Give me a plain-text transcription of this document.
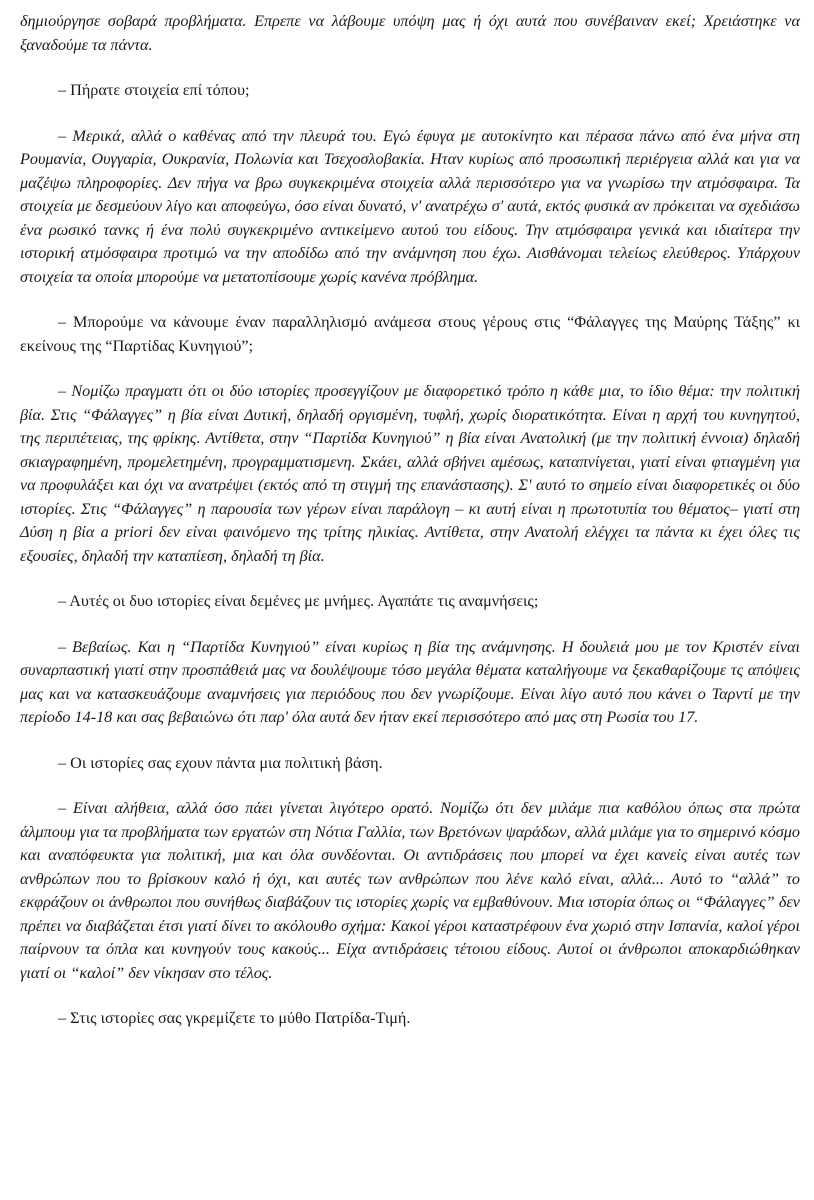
δημιούργησε σοβαρά προβλήματα. Επρεπε να λάβουμε υπόψη μας ή όχι αυτά που συνέβαιναν εκεί; Χρειάστηκε να ξαναδούμε τα πάντα.

– Πήρατε στοιχεία επί τόπου;

– Μερικά, αλλά ο καθένας από την πλευρά του. Εγώ έφυγα με αυτοκίνητο και πέρασα πάνω από ένα μήνα στη Ρουμανία, Ουγγαρία, Ουκρανία, Πολωνία και Τσεχοσλοβακία. Ηταν κυρίως από προσωπική περιέργεια αλλά και για να μαζέψω πληροφορίες. Δεν πήγα να βρω συγκεκριμένα στοιχεία αλλά περισσότερο για να γνωρίσω την ατμόσφαιρα. Τα στοιχεία με δεσμεύουν λίγο και αποφεύγω, όσο είναι δυνατό, ν' ανατρέχω σ' αυτά, εκτός φυσικά αν πρόκειται να σχεδιάσω ένα ρωσικό τανκς ή ένα πολύ συγκεκριμένο αντικείμενο αυτού του είδους. Την ατμόσφαιρα γενικά και ιδιαίτερα την ιστορική ατμόσφαιρα προτιμώ να την αποδίδω από την ανάμνηση που έχω. Αισθάνομαι τελείως ελεύθερος. Υπάρχουν στοιχεία τα οποία μπορούμε να μετατοπίσουμε χωρίς κανένα πρόβλημα.

– Μπορούμε να κάνουμε έναν παραλληλισμό ανάμεσα στους γέρους στις “Φάλαγγες της Μαύρης Τάξης” κι εκείνους της “Παρτίδας Κυνηγιού”;

– Νομίζω πραγματι ότι οι δύο ιστορίες προσεγγίζουν με διαφορετικό τρόπο η κάθε μια, το ίδιο θέμα: την πολιτική βία. Στις “Φάλαγγες” η βία είναι Δυτική, δηλαδή οργισμένη, τυφλή, χωρίς διορατικότητα. Είναι η αρχή του κυνηγητού, της περιπέτειας, της φρίκης. Αντίθετα, στην “Παρτίδα Κυνηγιού” η βία είναι Ανατολική (με την πολιτική έννοια) δηλαδή σκιαγραφημένη, προμελετημένη, προγραμματισμενη. Σκάει, αλλά σβήνει αμέσως, καταπνίγεται, γιατί είναι φτιαγμένη για να προφυλάξει και όχι να ανατρέψει (εκτός από τη στιγμή της επανάστασης). Σ' αυτό το σημείο είναι διαφορετικές οι δύο ιστορίες. Στις “Φάλαγγες” η παρουσία των γέρων είναι παράλογη – κι αυτή είναι η πρωτοτυπία του θέματος– γιατί στη Δύση η βία a priori δεν είναι φαινόμενο της τρίτης ηλικίας. Αντίθετα, στην Ανατολή ελέγχει τα πάντα κι έχει όλες τις εξουσίες, δηλαδή την καταπίεση, δηλαδή τη βία.

– Αυτές οι δυο ιστορίες είναι δεμένες με μνήμες. Αγαπάτε τις αναμνήσεις;

– Βεβαίως. Και η “Παρτίδα Κυνηγιού” είναι κυρίως η βία της ανάμνησης. Η δουλειά μου με τον Κριστέν είναι συναρπαστική γιατί στην προσπάθειά μας να δουλέψουμε τόσο μεγάλα θέματα καταλήγουμε να ξεκαθαρίζουμε τς απόψεις μας και να κατασκευάζουμε αναμνήσεις για περιόδους που δεν γνωρίζουμε. Είναι λίγο αυτό που κάνει ο Ταρντί με την περίοδο 14-18 και σας βεβαιώνω ότι παρ' όλα αυτά δεν ήταν εκεί περισσότερο από μας στη Ρωσία του 17.

– Οι ιστορίες σας εχουν πάντα μια πολιτική βάση.

– Είναι αλήθεια, αλλά όσο πάει γίνεται λιγότερο ορατό. Νομίζω ότι δεν μιλάμε πια καθόλου όπως στα πρώτα άλμπουμ για τα προβλήματα των εργατών στη Νότια Γαλλία, των Βρετόνων ψαράδων, αλλά μιλάμε για το σημερινό κόσμο και αναπόφευκτα για πολιτική, μια και όλα συνδέονται. Οι αντιδράσεις που μπορεί να έχει κανείς είναι αυτές των ανθρώπων που το βρίσκουν καλό ή όχι, και αυτές των ανθρώπων που λένε καλό είναι, αλλά... Αυτό το “αλλά” το εκφράζουν οι άνθρωποι που συνήθως διαβάζουν τις ιστορίες χωρίς να εμβαθύνουν. Μια ιστορία όπως οι “Φάλαγγες” δεν πρέπει να διαβάζεται έτσι γιατί δίνει το ακόλουθο σχήμα: Κακοί γέροι καταστρέφουν ένα χωριό στην Ισπανία, καλοί γέροι παίρνουν τα όπλα και κυνηγούν τους κακούς... Είχα αντιδράσεις τέτοιου είδους. Αυτοί οι άνθρωποι αποκαρδιώθηκαν γιατί οι “καλοί” δεν νίκησαν στο τέλος.

– Στις ιστορίες σας γκρεμίζετε το μύθο Πατρίδα-Τιμή.
